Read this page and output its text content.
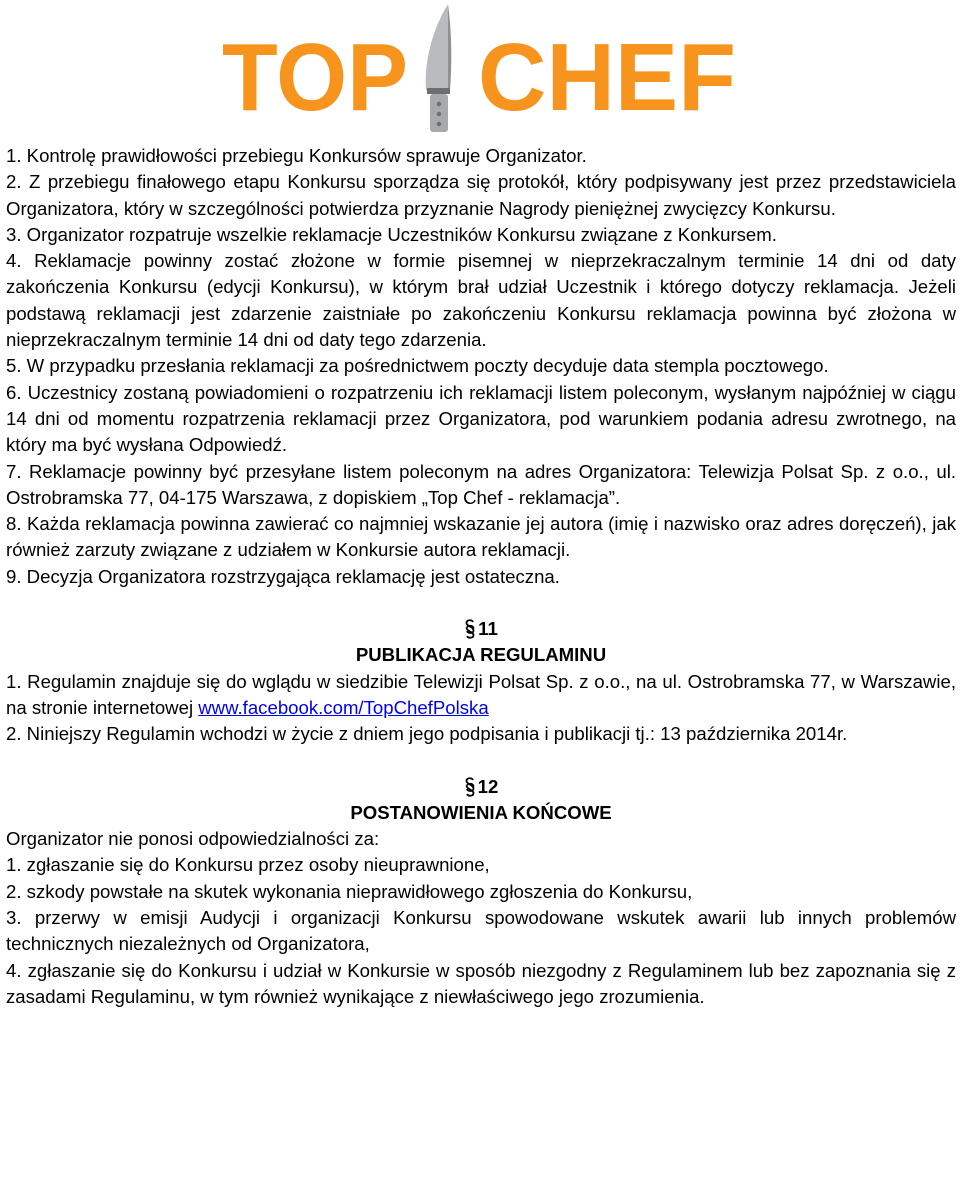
TOP CHEF

1. Kontrolę prawidłowości przebiegu Konkursów sprawuje Organizator.

2. Z przebiegu finałowego etapu Konkursu sporządza się protokół, który podpisywany jest przez przedstawiciela Organizatora, który w szczególności potwierdza przyznanie Nagrody pieniężnej zwycięzcy Konkursu.

3. Organizator rozpatruje wszelkie reklamacje Uczestników Konkursu związane z Konkursem.

4. Reklamacje powinny zostać złożone w formie pisemnej w nieprzekraczalnym terminie 14 dni od daty zakończenia Konkursu (edycji Konkursu), w którym brał udział Uczestnik i którego dotyczy reklamacja. Jeżeli podstawą reklamacji jest zdarzenie zaistniałe po zakończeniu Konkursu reklamacja powinna być złożona w nieprzekraczalnym terminie 14 dni od daty tego zdarzenia.

5. W przypadku przesłania reklamacji za pośrednictwem poczty decyduje data stempla pocztowego.

6. Uczestnicy zostaną powiadomieni o rozpatrzeniu ich reklamacji listem poleconym, wysłanym najpóźniej w ciągu 14 dni od momentu rozpatrzenia reklamacji przez Organizatora, pod warunkiem podania adresu zwrotnego, na który ma być wysłana Odpowiedź.

7. Reklamacje powinny być przesyłane listem poleconym na adres Organizatora: Telewizja Polsat Sp. z o.o., ul. Ostrobramska 77, 04-175 Warszawa, z dopiskiem „Top Chef - reklamacja”.

8. Każda reklamacja powinna zawierać co najmniej wskazanie jej autora (imię i nazwisko oraz adres doręczeń), jak również zarzuty związane z udziałem w Konkursie autora reklamacji.

9. Decyzja Organizatora rozstrzygająca reklamację jest ostateczna.

11
PUBLIKACJA REGULAMINU

1. Regulamin znajduje się do wglądu w siedzibie Telewizji Polsat Sp. z o.o., na ul. Ostrobramska 77, w Warszawie, na stronie internetowej www.facebook.com/TopChefPolska

2. Niniejszy Regulamin wchodzi w życie z dniem jego podpisania i publikacji tj.: 13 października 2014r.

12
POSTANOWIENIA KOŃCOWE

Organizator nie ponosi odpowiedzialności za:

1. zgłaszanie się do Konkursu przez osoby nieuprawnione,

2. szkody powstałe na skutek wykonania nieprawidłowego zgłoszenia do Konkursu,

3. przerwy w emisji Audycji i organizacji Konkursu spowodowane wskutek awarii lub innych problemów technicznych niezależnych od Organizatora,

4. zgłaszanie się do Konkursu i udział w Konkursie w sposób niezgodny z Regulaminem lub bez zapoznania się z zasadami Regulaminu, w tym również wynikające z niewłaściwego jego zrozumienia.
